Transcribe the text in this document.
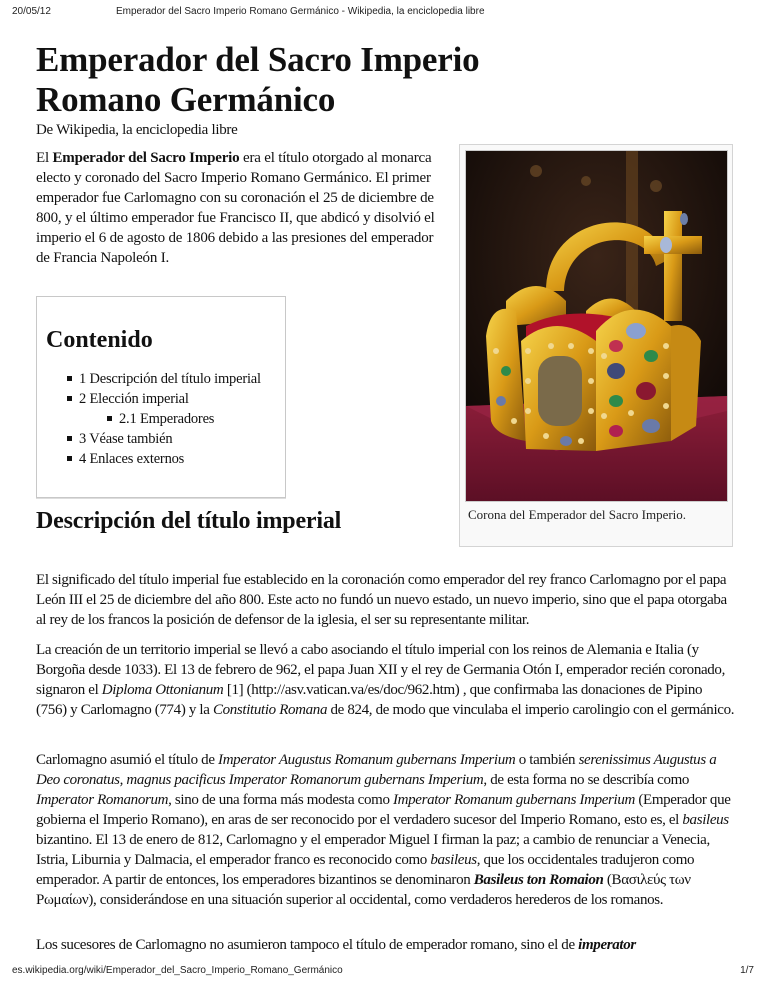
20/05/12	Emperador del Sacro Imperio Romano Germánico - Wikipedia, la enciclopedia libre
Emperador del Sacro Imperio Romano Germánico
De Wikipedia, la enciclopedia libre
El Emperador del Sacro Imperio era el título otorgado al monarca electo y coronado del Sacro Imperio Romano Germánico. El primer emperador fue Carlomagno con su coronación el 25 de diciembre de 800, y el último emperador fue Francisco II, que abdicó y disolvió el imperio el 6 de agosto de 1806 debido a las presiones del emperador de Francia Napoleón I.
Contenido
1 Descripción del título imperial
2 Elección imperial
2.1 Emperadores
3 Véase también
4 Enlaces externos
Corona del Emperador del Sacro Imperio.
Descripción del título imperial

El significado del título imperial fue establecido en la coronación como emperador del rey franco Carlomagno por el papa León III el 25 de diciembre del año 800. Este acto no fundó un nuevo estado, un nuevo imperio, sino que el papa otorgaba al rey de los francos la posición de defensor de la iglesia, el ser su representante militar.

La creación de un territorio imperial se llevó a cabo asociando el título imperial con los reinos de Alemania e Italia (y Borgoña desde 1033). El 13 de febrero de 962, el papa Juan XII y el rey de Germania Otón I, emperador recién coronado, signaron el Diploma Ottonianum [1] (http://asv.vatican.va/es/doc/962.htm) , que confirmaba las donaciones de Pipino (756) y Carlomagno (774) y la Constitutio Romana de 824, de modo que vinculaba el imperio carolingio con el germánico.

Carlomagno asumió el título de Imperator Augustus Romanum gubernans Imperium o también serenissimus Augustus a Deo coronatus, magnus pacificus Imperator Romanorum gubernans Imperium, de esta forma no se describía como Imperator Romanorum, sino de una forma más modesta como Imperator Romanum gubernans Imperium (Emperador que gobierna el Imperio Romano), en aras de ser reconocido por el verdadero sucesor del Imperio Romano, esto es, el basileus bizantino. El 13 de enero de 812, Carlomagno y el emperador Miguel I firman la paz; a cambio de renunciar a Venecia, Istria, Liburnia y Dalmacia, el emperador franco es reconocido como basileus, que los occidentales tradujeron como emperador. A partir de entonces, los emperadores bizantinos se denominaron Basileus ton Romaion (Βασιλεύς των Ρωμαίων), considerándose en una situación superior al occidental, como verdaderos herederos de los romanos.

Los sucesores de Carlomagno no asumieron tampoco el título de emperador romano, sino el de imperator

es.wikipedia.org/wiki/Emperador_del_Sacro_Imperio_Romano_Germánico	1/7
